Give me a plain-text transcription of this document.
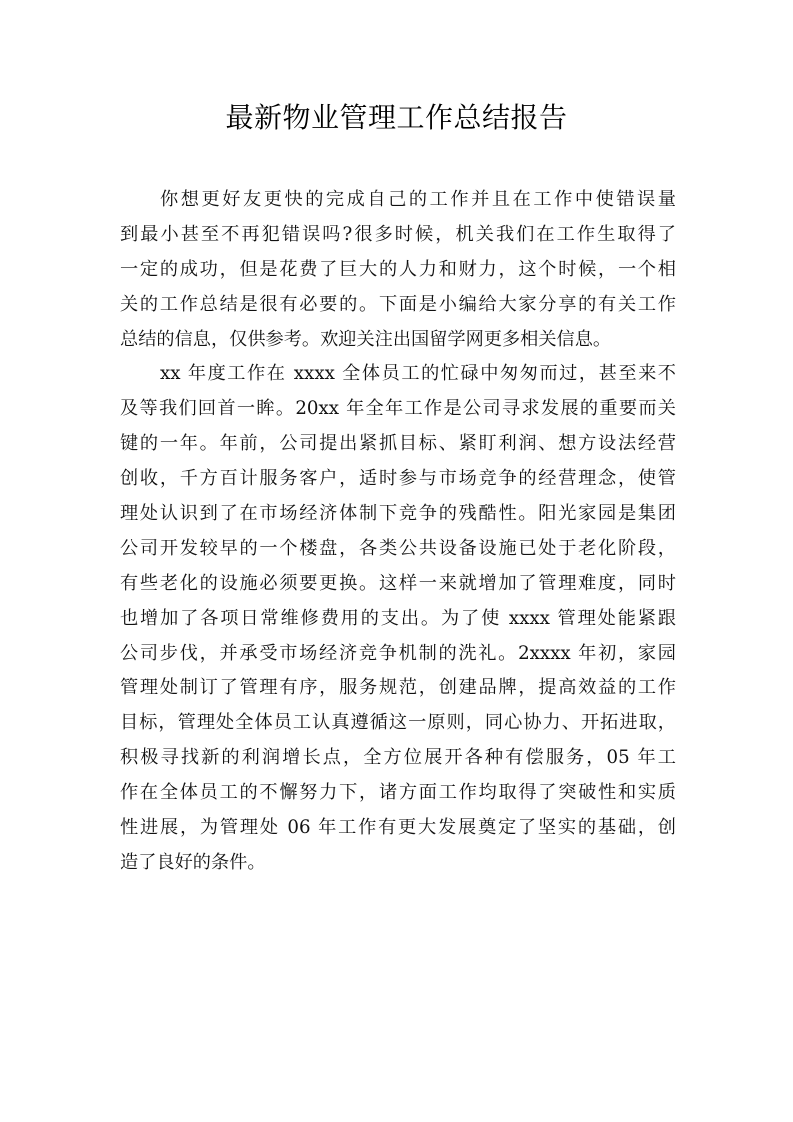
最新物业管理工作总结报告
你想更好友更快的完成自己的工作并且在工作中使错误量
到最小甚至不再犯错误吗?很多时候，机关我们在工作生取得了
一定的成功，但是花费了巨大的人力和财力，这个时候，一个相
关的工作总结是很有必要的。下面是小编给大家分享的有关工作
总结的信息，仅供参考。欢迎关注出国留学网更多相关信息。
xx 年度工作在 xxxx 全体员工的忙碌中匆匆而过，甚至来不
及等我们回首一眸。20xx 年全年工作是公司寻求发展的重要而关
键的一年。年前，公司提出紧抓目标、紧盯利润、想方设法经营
创收，千方百计服务客户，适时参与市场竞争的经营理念，使管
理处认识到了在市场经济体制下竞争的残酷性。阳光家园是集团
公司开发较早的一个楼盘，各类公共设备设施已处于老化阶段，
有些老化的设施必须要更换。这样一来就增加了管理难度，同时
也增加了各项日常维修费用的支出。为了使 xxxx 管理处能紧跟
公司步伐，并承受市场经济竞争机制的洗礼。2xxxx 年初，家园
管理处制订了管理有序，服务规范，创建品牌，提高效益的工作
目标，管理处全体员工认真遵循这一原则，同心协力、开拓进取，
积极寻找新的利润增长点，全方位展开各种有偿服务，05 年工
作在全体员工的不懈努力下，诸方面工作均取得了突破性和实质
性进展，为管理处 06 年工作有更大发展奠定了坚实的基础，创
造了良好的条件。
